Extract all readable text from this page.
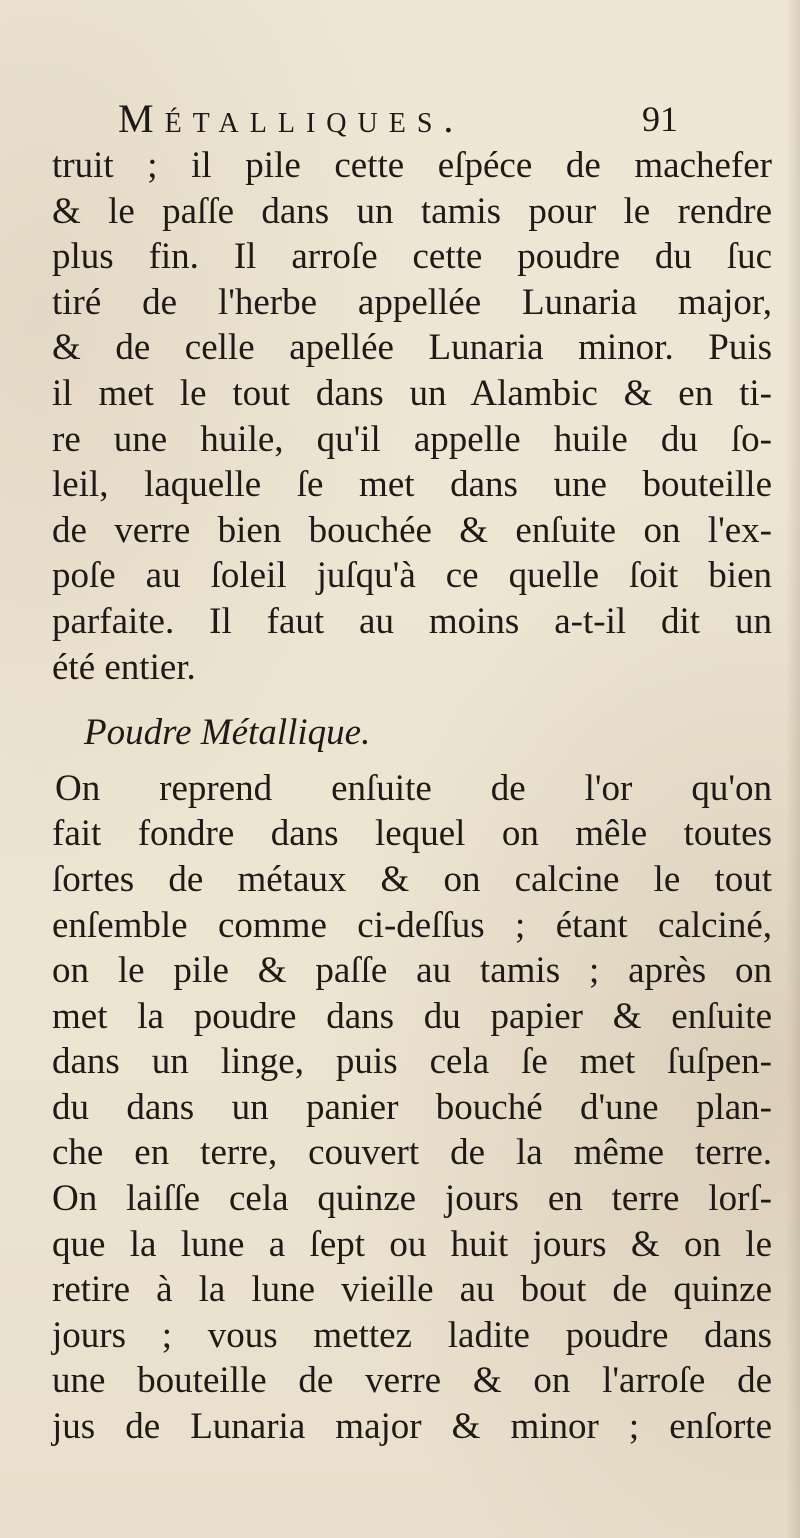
Métalliques.	91
truit ; il pile cette eſpéce de machefer
& le paſſe dans un tamis pour le rendre
plus fin. Il arroſe cette poudre du ſuc
tiré de l'herbe appellée Lunaria major,
& de celle apellée Lunaria minor. Puis
il met le tout dans un Alambic & en ti-
re une huile, qu'il appelle huile du ſo-
leil, laquelle ſe met dans une bouteille
de verre bien bouchée & enſuite on l'ex-
poſe au ſoleil juſqu'à ce quelle ſoit bien
parfaite. Il faut au moins a-t-il dit un
été entier.
Poudre Métallique.
On reprend enſuite de l'or qu'on
fait fondre dans lequel on mêle toutes
ſortes de métaux & on calcine le tout
enſemble comme ci-deſſus ; étant calciné,
on le pile & paſſe au tamis ; après on
met la poudre dans du papier & enſuite
dans un linge, puis cela ſe met ſuſpen-
du dans un panier bouché d'une plan-
che en terre, couvert de la même terre.
On laiſſe cela quinze jours en terre lorſ-
que la lune a ſept ou huit jours & on le
retire à la lune vieille au bout de quinze
jours ; vous mettez ladite poudre dans
une bouteille de verre & on l'arroſe de
jus de Lunaria major & minor ; enſorte
